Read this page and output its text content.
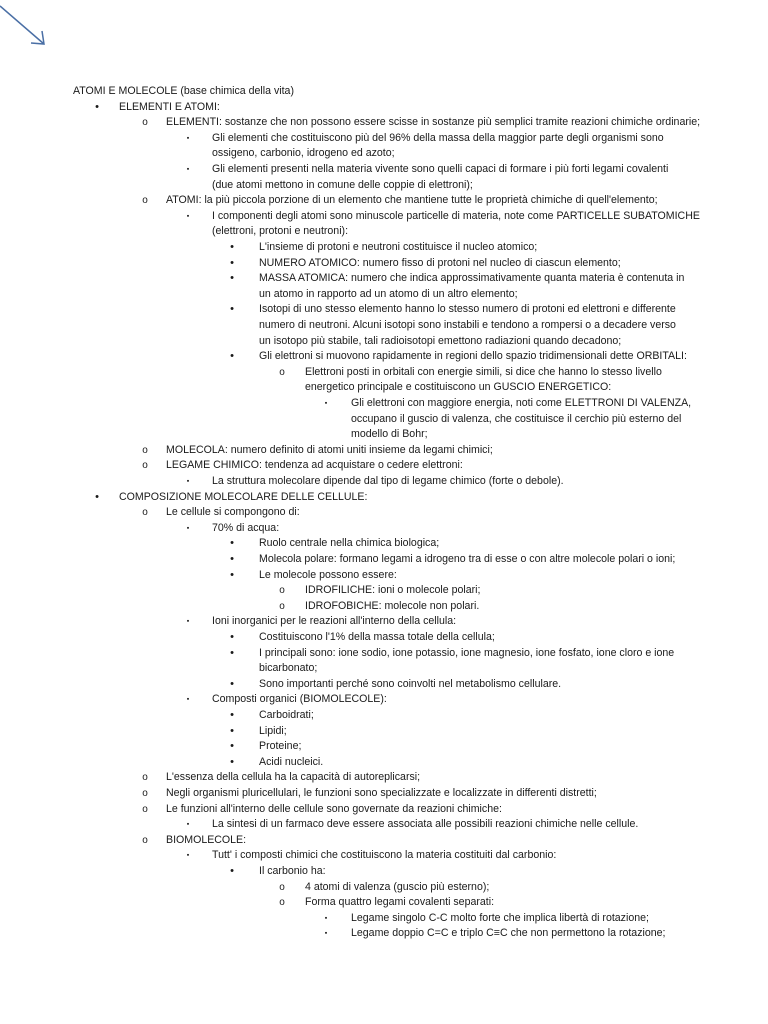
ATOMI E MOLECOLE (base chimica della vita)
•	ELEMENTI E ATOMI:
o	ELEMENTI: sostanze che non possono essere scisse in sostanze più semplici tramite reazioni chimiche ordinarie;
▪	Gli elementi che costituiscono più del 96% della massa della maggior parte degli organismi sono
ossigeno, carbonio, idrogeno ed azoto;
▪	Gli elementi presenti nella materia vivente sono quelli capaci di formare i più forti legami covalenti
(due atomi mettono in comune delle coppie di elettroni);
o	ATOMI: la più piccola porzione di un elemento che mantiene tutte le proprietà chimiche di quell'elemento;
▪	I componenti degli atomi sono minuscole particelle di materia, note come PARTICELLE SUBATOMICHE
(elettroni, protoni e neutroni):
•	L'insieme di protoni e neutroni costituisce il nucleo atomico;
•	NUMERO ATOMICO: numero fisso di protoni nel nucleo di ciascun elemento;
•	MASSA ATOMICA: numero che indica approssimativamente quanta materia è contenuta in
un atomo in rapporto ad un atomo di un altro elemento;
•	Isotopi di uno stesso elemento hanno lo stesso numero di protoni ed elettroni e differente
numero di neutroni. Alcuni isotopi sono instabili e tendono a rompersi o a decadere verso
un isotopo più stabile, tali radioisotopi emettono radiazioni quando decadono;
•	Gli elettroni si muovono rapidamente in regioni dello spazio tridimensionali dette ORBITALI:
o	Elettroni posti in orbitali con energie simili, si dice che hanno lo stesso livello
energetico principale e costituiscono un GUSCIO ENERGETICO:
▪	Gli elettroni con maggiore energia, noti come ELETTRONI DI VALENZA,
occupano il guscio di valenza, che costituisce il cerchio più esterno del
modello di Bohr;
o	MOLECOLA: numero definito di atomi uniti insieme da legami chimici;
o	LEGAME CHIMICO: tendenza ad acquistare o cedere elettroni:
▪	La struttura molecolare dipende dal tipo di legame chimico (forte o debole).
•	COMPOSIZIONE MOLECOLARE DELLE CELLULE:
o	Le cellule si compongono di:
▪	70% di acqua:
•	Ruolo centrale nella chimica biologica;
•	Molecola polare: formano legami a idrogeno tra di esse o con altre molecole polari o ioni;
•	Le molecole possono essere:
o	IDROFILICHE: ioni o molecole polari;
o	IDROFOBICHE: molecole non polari.
▪	Ioni inorganici per le reazioni all'interno della cellula:
•	Costituiscono l'1% della massa totale della cellula;
•	I principali sono: ione sodio, ione potassio, ione magnesio, ione fosfato, ione cloro e ione
bicarbonato;
•	Sono importanti perché sono coinvolti nel metabolismo cellulare.
▪	Composti organici (BIOMOLECOLE):
•	Carboidrati;
•	Lipidi;
•	Proteine;
•	Acidi nucleici.
o	L'essenza della cellula ha la capacità di autoreplicarsi;
o	Negli organismi pluricellulari, le funzioni sono specializzate e localizzate in differenti distretti;
o	Le funzioni all'interno delle cellule sono governate da reazioni chimiche:
▪	La sintesi di un farmaco deve essere associata alle possibili reazioni chimiche nelle cellule.
o	BIOMOLECOLE:
▪	Tutt' i composti chimici che costituiscono la materia costituiti dal carbonio:
•	Il carbonio ha:
o	4 atomi di valenza (guscio più esterno);
o	Forma quattro legami covalenti separati:
▪	Legame singolo C-C molto forte che implica libertà di rotazione;
▪	Legame doppio C=C e triplo C≡C che non permettono la rotazione;
